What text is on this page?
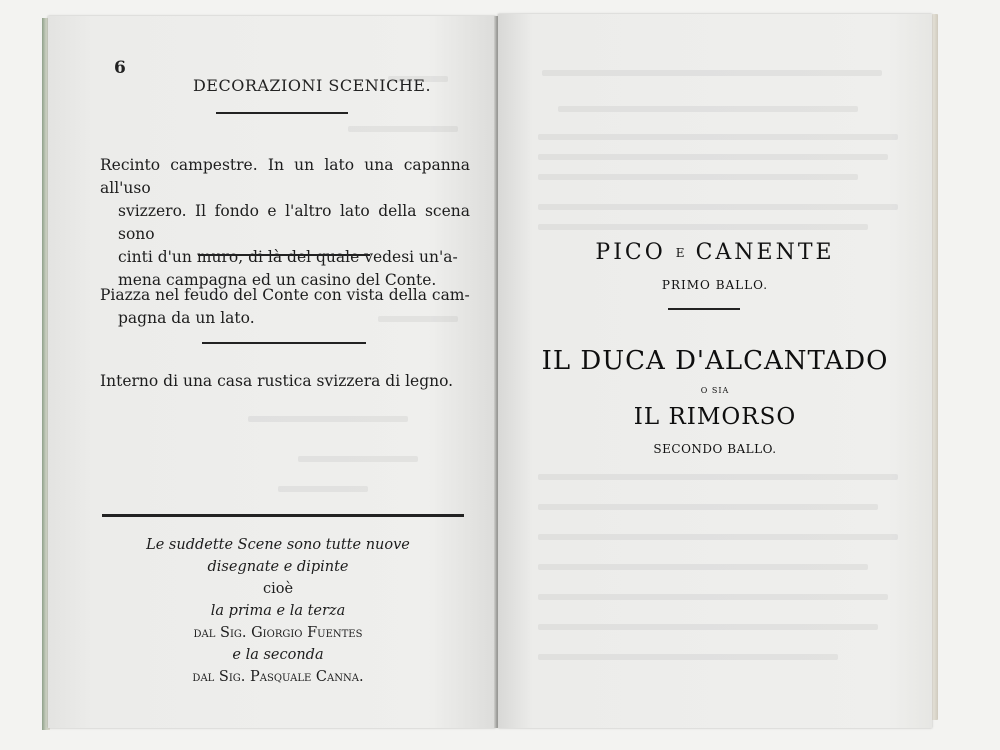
6
DECORAZIONI SCENICHE.
Recinto campestre. In un lato una capanna all'uso
svizzero. Il fondo e l'altro lato della scena sono
cinti d'un muro, di là del quale vedesi un'a-
mena campagna ed un casino del Conte.
Piazza nel feudo del Conte con vista della cam-
pagna da un lato.
Interno di una casa rustica svizzera di legno.
Le suddette Scene sono tutte nuove
disegnate e dipinte
cioè
la prima e la terza
dal Sig. Giorgio Fuentes
e la seconda
dal Sig. Pasquale Canna.
PICO E CANENTE
PRIMO BALLO.
IL DUCA D'ALCANTADO
O SIA
IL RIMORSO
SECONDO BALLO.
